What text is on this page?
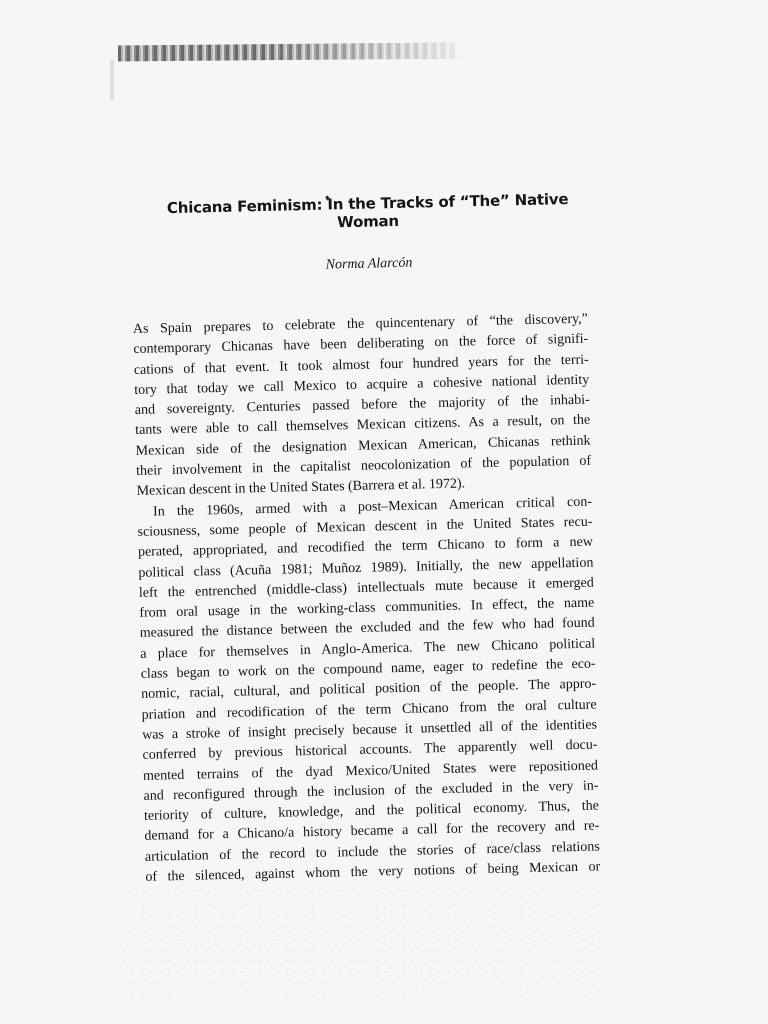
Chicana Feminism: In the Tracks of “The” Native Woman
Norma Alarcón
As Spain prepares to celebrate the quincentenary of “the discovery,”
contemporary Chicanas have been deliberating on the force of signifi-
cations of that event. It took almost four hundred years for the terri-
tory that today we call Mexico to acquire a cohesive national identity
and sovereignty. Centuries passed before the majority of the inhabi-
tants were able to call themselves Mexican citizens. As a result, on the
Mexican side of the designation Mexican American, Chicanas rethink
their involvement in the capitalist neocolonization of the population of
Mexican descent in the United States (Barrera et al. 1972).
In the 1960s, armed with a post–Mexican American critical con-
sciousness, some people of Mexican descent in the United States recu-
perated, appropriated, and recodified the term Chicano to form a new
political class (Acuña 1981; Muñoz 1989). Initially, the new appellation
left the entrenched (middle-class) intellectuals mute because it emerged
from oral usage in the working-class communities. In effect, the name
measured the distance between the excluded and the few who had found
a place for themselves in Anglo-America. The new Chicano political
class began to work on the compound name, eager to redefine the eco-
nomic, racial, cultural, and political position of the people. The appro-
priation and recodification of the term Chicano from the oral culture
was a stroke of insight precisely because it unsettled all of the identities
conferred by previous historical accounts. The apparently well docu-
mented terrains of the dyad Mexico/United States were repositioned
and reconfigured through the inclusion of the excluded in the very in-
teriority of culture, knowledge, and the political economy. Thus, the
demand for a Chicano/a history became a call for the recovery and re-
articulation of the record to include the stories of race/class relations
of the silenced, against whom the very notions of being Mexican or
